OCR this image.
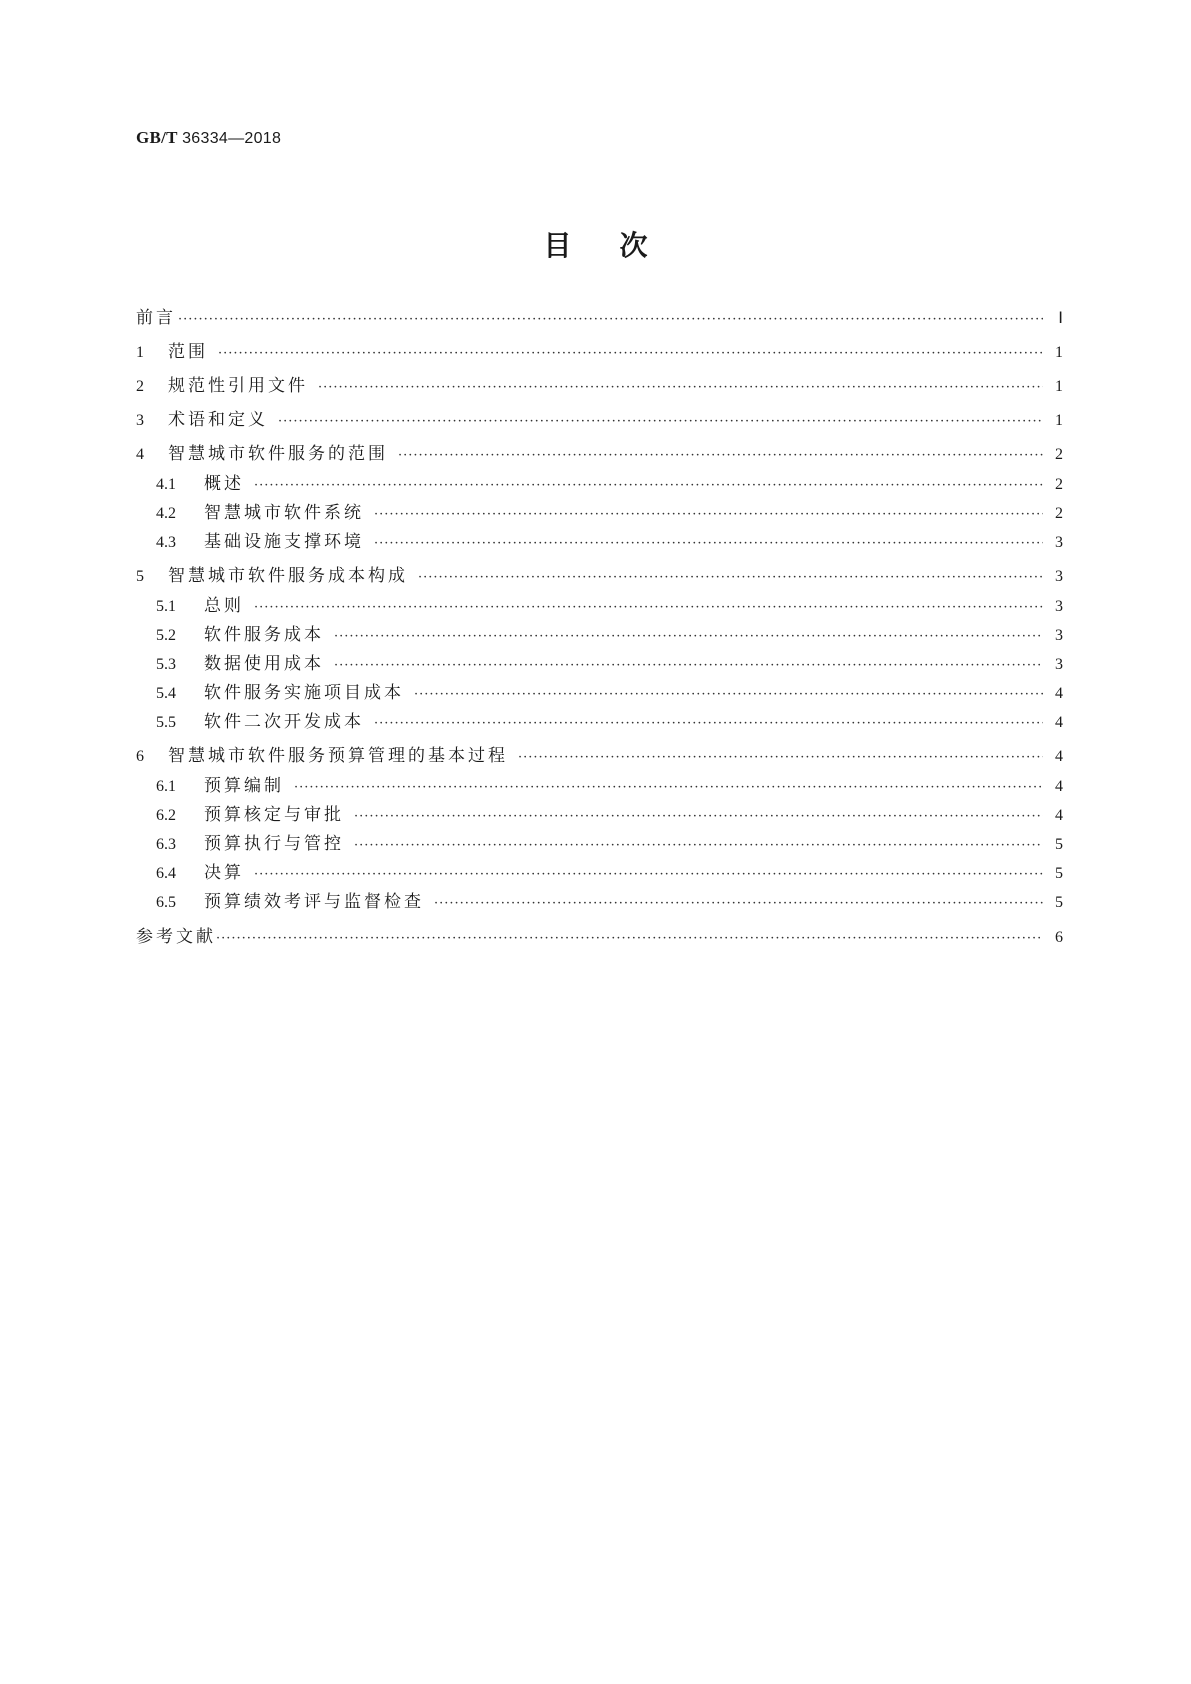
GB/T 36334—2018
目次
前言 ·····	Ⅰ
1	范围 ·····	1
2	规范性引用文件 ·····	1
3	术语和定义 ·····	1
4	智慧城市软件服务的范围 ·····	2
4.1	概述 ·····	2
4.2	智慧城市软件系统 ·····	2
4.3	基础设施支撑环境 ·····	3
5	智慧城市软件服务成本构成 ·····	3
5.1	总则 ·····	3
5.2	软件服务成本 ·····	3
5.3	数据使用成本 ·····	3
5.4	软件服务实施项目成本 ·····	4
5.5	软件二次开发成本 ·····	4
6	智慧城市软件服务预算管理的基本过程 ·····	4
6.1	预算编制 ·····	4
6.2	预算核定与审批 ·····	4
6.3	预算执行与管控 ·····	5
6.4	决算 ·····	5
6.5	预算绩效考评与监督检查 ·····	5
参考文献 ·····	6
